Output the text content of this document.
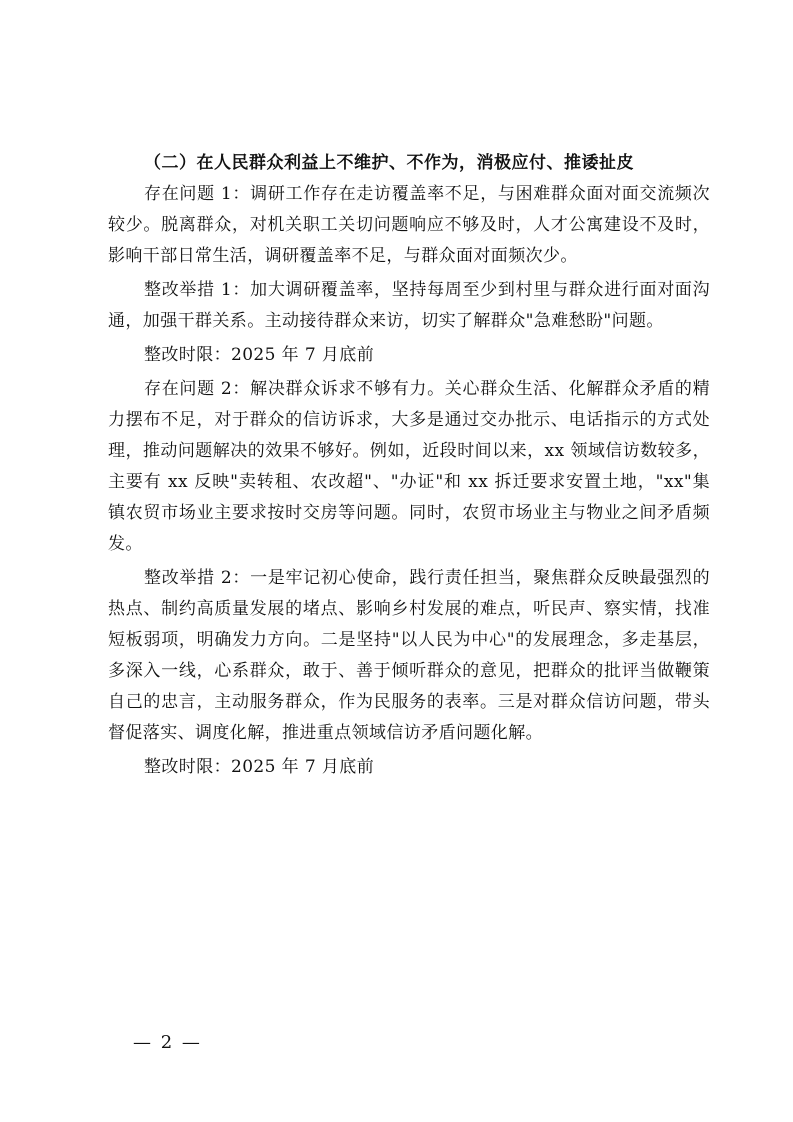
（二）在人民群众利益上不维护、不作为，消极应付、推诿扯皮

存在问题 1：调研工作存在走访覆盖率不足，与困难群众面对面交流频次较少。脱离群众，对机关职工关切问题响应不够及时，人才公寓建设不及时，影响干部日常生活，调研覆盖率不足，与群众面对面频次少。

整改举措 1：加大调研覆盖率，坚持每周至少到村里与群众进行面对面沟通，加强干群关系。主动接待群众来访，切实了解群众"急难愁盼"问题。

整改时限：2025 年 7 月底前

存在问题 2：解决群众诉求不够有力。关心群众生活、化解群众矛盾的精力摆布不足，对于群众的信访诉求，大多是通过交办批示、电话指示的方式处理，推动问题解决的效果不够好。例如，近段时间以来，xx 领域信访数较多，主要有 xx 反映"卖转租、农改超"、"办证"和 xx 拆迁要求安置土地，"xx"集镇农贸市场业主要求按时交房等问题。同时，农贸市场业主与物业之间矛盾频发。

整改举措 2：一是牢记初心使命，践行责任担当，聚焦群众反映最强烈的热点、制约高质量发展的堵点、影响乡村发展的难点，听民声、察实情，找准短板弱项，明确发力方向。二是坚持"以人民为中心"的发展理念，多走基层，多深入一线，心系群众，敢于、善于倾听群众的意见，把群众的批评当做鞭策自己的忠言，主动服务群众，作为民服务的表率。三是对群众信访问题，带头督促落实、调度化解，推进重点领域信访矛盾问题化解。

整改时限：2025 年 7 月底前

— 2 —
